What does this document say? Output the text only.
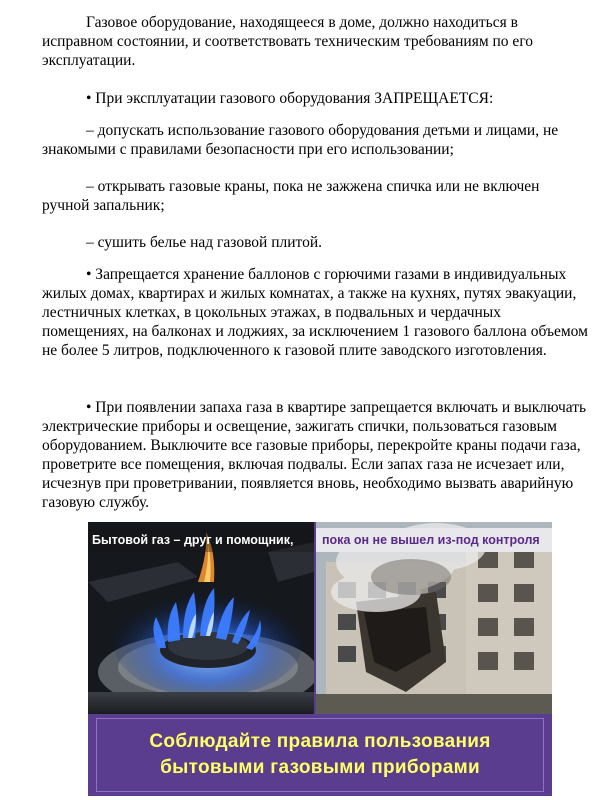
Газовое оборудование, находящееся в доме, должно находиться в исправном состоянии, и соответствовать техническим требованиям по его эксплуатации.

• При эксплуатации газового оборудования ЗАПРЕЩАЕТСЯ:

– допускать использование газового оборудования детьми и лицами, не знакомыми с правилами безопасности при его использовании;

– открывать газовые краны, пока не зажжена спичка или не включен ручной запальник;

– сушить белье над газовой плитой.

• Запрещается хранение баллонов с горючими газами в индивидуальных жилых домах, квартирах и жилых комнатах, а также на кухнях, путях эвакуации, лестничных клетках, в цокольных этажах, в подвальных и чердачных помещениях, на балконах и лоджиях, за исключением 1 газового баллона объемом не более 5 литров, подключенного к газовой плите заводского изготовления.

• При появлении запаха газа в квартире запрещается включать и выключать электрические приборы и освещение, зажигать спички, пользоваться газовым оборудованием. Выключите все газовые приборы, перекройте краны подачи газа, проветрите все помещения, включая подвалы. Если запах газа не исчезает или, исчезнув при проветривании, появляется вновь, необходимо вызвать аварийную газовую службу.

Бытовой газ – друг и помощник,	пока он не вышел из-под контроля
Соблюдайте правила пользования
бытовыми газовыми приборами
